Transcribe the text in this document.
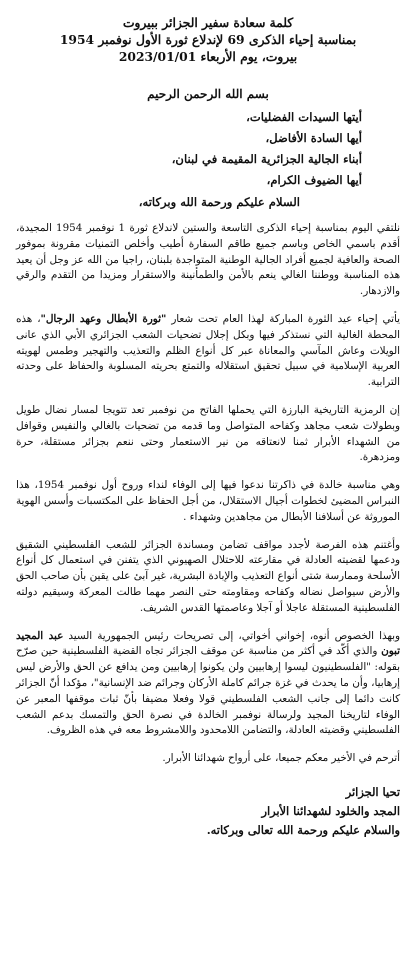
كلمة سعادة سفير الجزائر ببيروت
بمناسبة إحياء الذكرى 69 لإندلاع ثورة الأول نوفمبر 1954
بيروت، يوم الأربعاء 2023/01/01
بسم الله الرحمن الرحيم
أيتها السيدات الفضليات،
أيها السادة الأفاضل،
أبناء الجالية الجزائرية المقيمة في لبنان،
أيها الضيوف الكرام،
السلام عليكم ورحمة الله وبركاته،
نلتقي اليوم بمناسبة إحياء الذكرى التاسعة والستين لاندلاع ثورة 1 نوفمبر 1954 المجيدة، أقدم باسمي الخاص وباسم جميع طاقم السفارة أطيب وأخلص التمنيات مقرونة بموفور الصحة والعافية لجميع أفراد الجالية الوطنية المتواجدة بلبنان، راجيا من الله عز وجل أن يعيد هذه المناسبة ووطننا الغالي ينعم بالأمن والطمأنينة والاستقرار ومزيدا من التقدم والرقي والازدهار.
يأتي إحياء عيد الثورة المباركة لهذا العام تحت شعار "ثورة الأبطال وعهد الرجال"، هذه المحطة الغالية التي نستذكر فيها وبكل إجلال تضحيات الشعب الجزائري الأبي الذي عانى الويلات وعاش المآسي والمعاناة عبر كل أنواع الظلم والتعذيب والتهجير وطمس لهويته العربية الإسلامية في سبيل تحقيق استقلاله والتمتع بحريته المسلوبة والحفاظ على وحدته الترابية.
إن الرمزية التاريخية البارزة التي يحملها الفاتح من نوفمبر تعد تتويجا لمسار نضال طويل وبطولات شعب مجاهد وكفاحه المتواصل وما قدمه من تضحيات بالغالي والنفيس وقوافل من الشهداء الأبرار ثمنا لانعتاقه من نير الاستعمار وحتى ننعم بجزائر مستقلة، حرة ومزدهرة.
وهي مناسبة خالدة في ذاكرتنا ندعوا فيها إلى الوفاء لنداء وروح أول نوفمبر 1954، هذا النبراس المضيئ لخطوات أجيال الاستقلال، من أجل الحفاظ على المكتسبات وأسس الهوية الموروثة عن أسلافنا الأبطال من مجاهدين وشهداء .
وأغتنم هذه الفرصة لأجدد مواقف تضامن ومساندة الجزائر للشعب الفلسطيني الشقيق ودعمها لقضيته العادلة في مقارعته للاحتلال الصهيوني الذي يتفنن في استعمال كل أنواع الأسلحة وممارسة شتى أنواع التعذيب والإبادة البشرية، غير آبئ على يقين بأن صاحب الحق والأرض سيواصل نضاله وكفاحه ومقاومته حتى النصر مهما طالت المعركة وسيقيم دولته الفلسطينية المستقلة عاجلا أو آجلا وعاصمتها القدس الشريف.
وبهذا الخصوص أنوه، إخواني أخواتي، إلى تصريحات رئيس الجمهورية السيد عبد المجيد تبون والذي أكّد في أكثر من مناسبة عن موقف الجزائر تجاه القضية الفلسطينية حين صرّح بقوله: "الفلسطينيون ليسوا إرهابيين ولن يكونوا إرهابيين ومن يدافع عن الحق والأرض ليس إرهابيا، وأن ما يحدث في غزة جرائم كاملة الأركان وجرائم ضد الإنسانية"، مؤكدا أنّ الجزائر كانت دائما إلى جانب الشعب الفلسطيني قولا وفعلا مضيفا بأنّ ثبات موقفها المعبر عن الوفاء لتاريخنا المجيد ولرسالة نوفمبر الخالدة في نصرة الحق والتمسك بدعم الشعب الفلسطيني وقضيته العادلة، والتضامن اللامحدود واللامشروط معه في هذه الظروف.
أترحم في الأخير معكم جميعا، على أرواح شهدائنا الأبرار.
تحيا الجزائر
المجد والخلود لشهدائنا الأبرار
والسلام عليكم ورحمة الله تعالى وبركاته.
